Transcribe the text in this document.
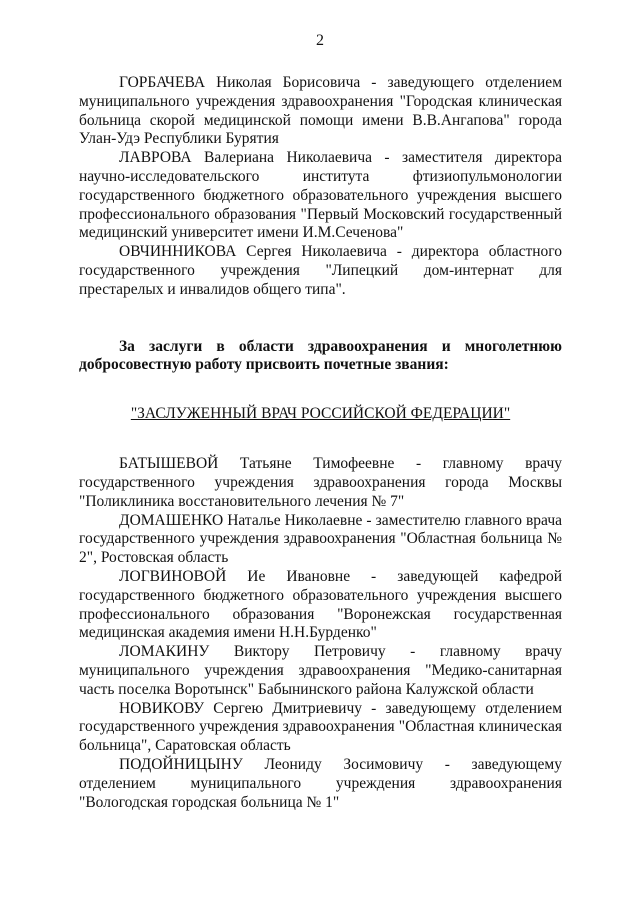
2

ГОРБАЧЕВА Николая Борисовича - заведующего отделением муниципального учреждения здравоохранения "Городская клиническая больница скорой медицинской помощи имени В.В.Ангапова" города Улан-Удэ Республики Бурятия

ЛАВРОВА Валериана Николаевича - заместителя директора научно-исследовательского института фтизиопульмонологии государственного бюджетного образовательного учреждения высшего профессионального образования "Первый Московский государственный медицинский университет имени И.М.Сеченова"

ОВЧИННИКОВА Сергея Николаевича - директора областного государственного учреждения "Липецкий дом-интернат для престарелых и инвалидов общего типа".

За заслуги в области здравоохранения и многолетнюю добросовестную работу присвоить почетные звания:

"ЗАСЛУЖЕННЫЙ ВРАЧ РОССИЙСКОЙ ФЕДЕРАЦИИ"

БАТЫШЕВОЙ Татьяне Тимофеевне - главному врачу государственного учреждения здравоохранения города Москвы "Поликлиника восстановительного лечения № 7"

ДОМАШЕНКО Наталье Николаевне - заместителю главного врача государственного учреждения здравоохранения "Областная больница № 2", Ростовская область

ЛОГВИНОВОЙ Ие Ивановне - заведующей кафедрой государственного бюджетного образовательного учреждения высшего профессионального образования "Воронежская государственная медицинская академия имени Н.Н.Бурденко"

ЛОМАКИНУ Виктору Петровичу - главному врачу муниципального учреждения здравоохранения "Медико-санитарная часть поселка Воротынск" Бабынинского района Калужской области

НОВИКОВУ Сергею Дмитриевичу - заведующему отделением государственного учреждения здравоохранения "Областная клиническая больница", Саратовская область

ПОДОЙНИЦЫНУ Леониду Зосимовичу - заведующему отделением муниципального учреждения здравоохранения "Вологодская городская больница № 1"
